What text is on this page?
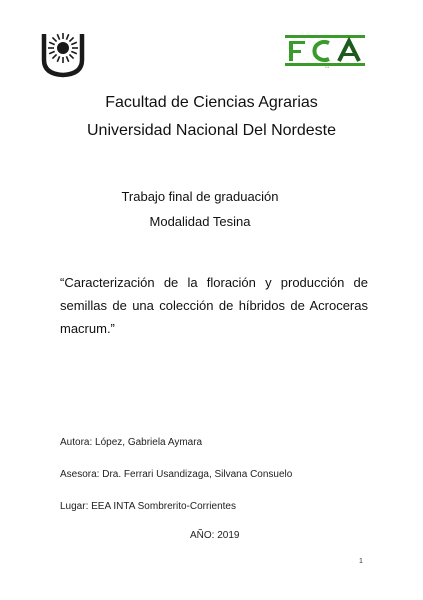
FCA
Facultad de Ciencias Agrarias
Universidad Nacional Del Nordeste
Trabajo final de graduación
Modalidad Tesina
“Caracterización de la floración y producción de semillas de una colección de híbridos de Acroceras macrum.”
Autora: López, Gabriela Aymara
Asesora: Dra. Ferrari Usandizaga, Silvana Consuelo
Lugar: EEA INTA Sombrerito-Corrientes
AÑO: 2019
1
